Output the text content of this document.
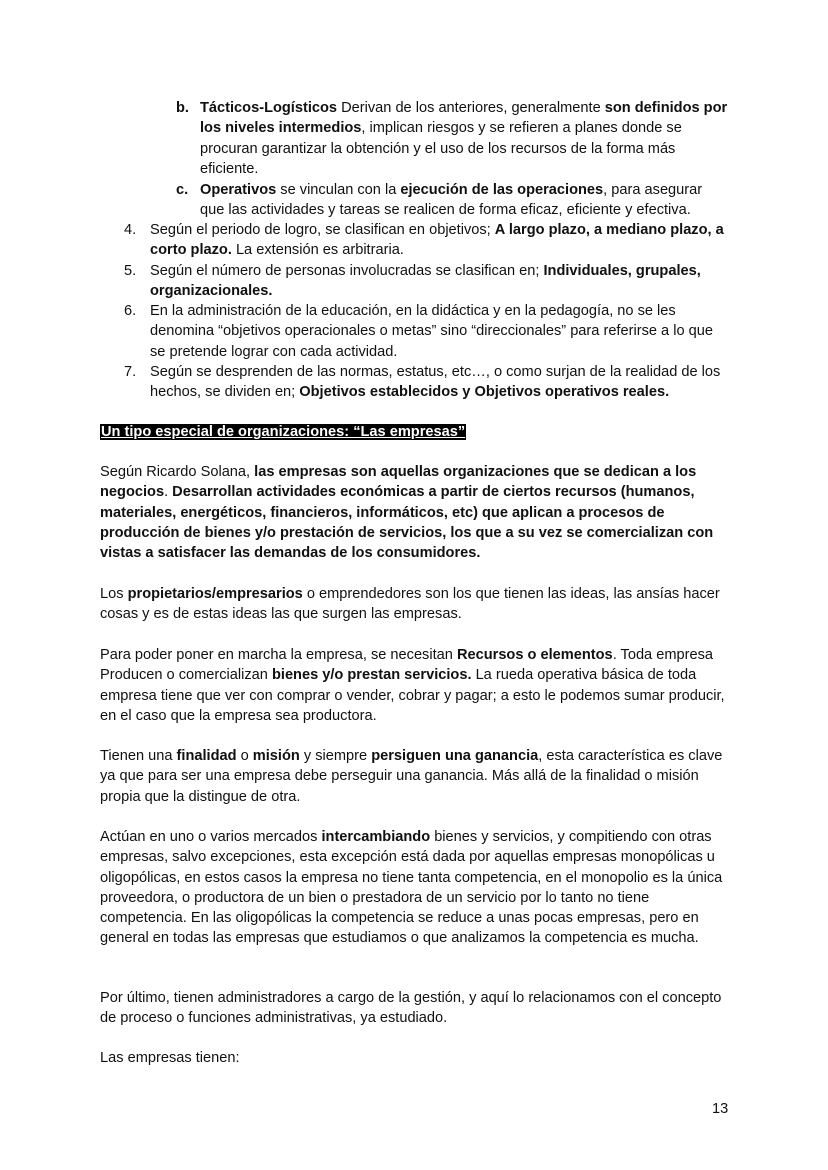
b. Tácticos-Logísticos Derivan de los anteriores, generalmente son definidos por los niveles intermedios, implican riesgos y se refieren a planes donde se procuran garantizar la obtención y el uso de los recursos de la forma más eficiente.
c. Operativos se vinculan con la ejecución de las operaciones, para asegurar que las actividades y tareas se realicen de forma eficaz, eficiente y efectiva.
4. Según el periodo de logro, se clasifican en objetivos; A largo plazo, a mediano plazo, a corto plazo. La extensión es arbitraria.
5. Según el número de personas involucradas se clasifican en; Individuales, grupales, organizacionales.
6. En la administración de la educación, en la didáctica y en la pedagogía, no se les denomina “objetivos operacionales o metas” sino “direccionales” para referirse a lo que se pretende lograr con cada actividad.
7. Según se desprenden de las normas, estatus, etc…, o como surjan de la realidad de los hechos, se dividen en; Objetivos establecidos y Objetivos operativos reales.
Un tipo especial de organizaciones: “Las empresas”
Según Ricardo Solana, las empresas son aquellas organizaciones que se dedican a los negocios. Desarrollan actividades económicas a partir de ciertos recursos (humanos, materiales, energéticos, financieros, informáticos, etc) que aplican a procesos de producción de bienes y/o prestación de servicios, los que a su vez se comercializan con vistas a satisfacer las demandas de los consumidores.
Los propietarios/empresarios o emprendedores son los que tienen las ideas, las ansías hacer cosas y es de estas ideas las que surgen las empresas.
Para poder poner en marcha la empresa, se necesitan Recursos o elementos. Toda empresa Producen o comercializan bienes y/o prestan servicios. La rueda operativa básica de toda empresa tiene que ver con comprar o vender, cobrar y pagar; a esto le podemos sumar producir, en el caso que la empresa sea productora.
Tienen una finalidad o misión y siempre persiguen una ganancia, esta característica es clave ya que para ser una empresa debe perseguir una ganancia. Más allá de la finalidad o misión propia que la distingue de otra.
Actúan en uno o varios mercados intercambiando bienes y servicios, y compitiendo con otras empresas, salvo excepciones, esta excepción está dada por aquellas empresas monopólicas u oligopólicas, en estos casos la empresa no tiene tanta competencia, en el monopolio es la única proveedora, o productora de un bien o prestadora de un servicio por lo tanto no tiene competencia. En las oligopólicas la competencia se reduce a unas pocas empresas, pero en general en todas las empresas que estudiamos o que analizamos la competencia es mucha.
Por último, tienen administradores a cargo de la gestión, y aquí lo relacionamos con el concepto de proceso o funciones administrativas, ya estudiado.
Las empresas tienen:
13
